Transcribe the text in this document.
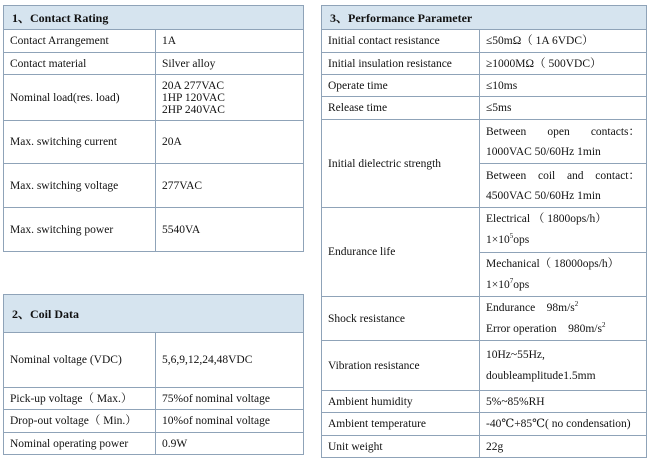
1、Contact Rating	
Contact Arrangement	1A
Contact material	Silver alloy
Nominal load(res. load)	20A 277VAC
1HP 120VAC
2HP 240VAC

Max. switching current	20A
Max. switching voltage	277VAC
Max. switching power	5540VA
2、Coil Data	
Nominal voltage (VDC)	5,6,9,12,24,48VDC
Pick-up voltage（ Max.）	75%of nominal voltage
Drop-out voltage（ Min.）	10%of nominal voltage
Nominal operating power	0.9W
3、Performance Parameter	
Initial contact resistance	≤50mΩ（ 1A 6VDC）
Initial insulation resistance	≥1000MΩ（ 500VDC）
Operate time	≤10ms
Release time	≤5ms
Initial dielectric strength	Between open contacts：
1000VAC 50/60Hz 1min

	Between coil and contact：
4500VAC 50/60Hz 1min

Endurance life	Electrical （ 1800ops/h）
$1\times 10^5ops$

	Mechanical（ 18000ops/h）
$1\times 10^7ops$

Shock resistance	Endurance　$98m/s^2$
Error operation　$980m/s^2$

Vibration resistance	10Hz~55Hz,
doubleamplitude1.5mm

Ambient humidity	5%~85%RH
Ambient temperature	-40℃+85℃( no condensation)
Unit weight	22g
